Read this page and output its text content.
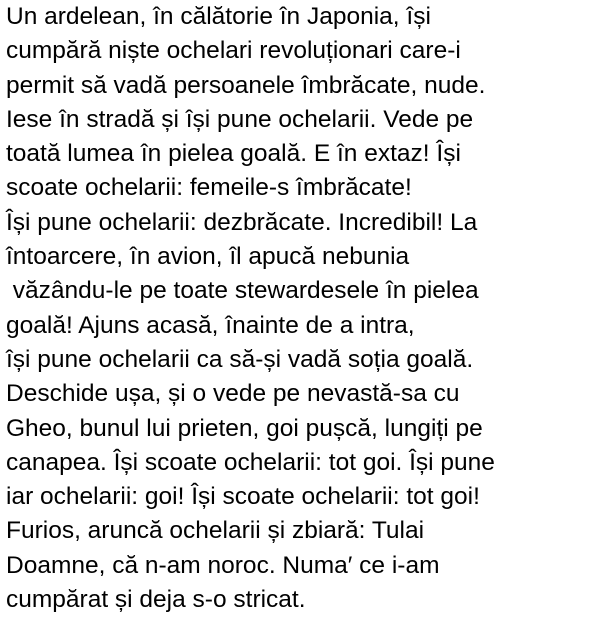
Un ardelean, în călătorie în Japonia, își
cumpără niște ochelari revoluționari care-i
permit să vadă persoanele îmbrăcate, nude.
Iese în stradă și își pune ochelarii. Vede pe
toată lumea în pielea goală. E în extaz! Își
scoate ochelarii: femeile-s îmbrăcate!
Își pune ochelarii: dezbrăcate. Incredibil! La
întoarcere, în avion, îl apucă nebunia
văzându-le pe toate stewardesele în pielea
goală! Ajuns acasă, înainte de a intra,
își pune ochelarii ca să-și vadă soția goală.
Deschide ușa, și o vede pe nevastă-sa cu
Gheo, bunul lui prieten, goi pușcă, lungiți pe
canapea. Își scoate ochelarii: tot goi. Își pune
iar ochelarii: goi! Își scoate ochelarii: tot goi!
Furios, aruncă ochelarii și zbiară: Tulai
Doamne, că n-am noroc. Numa′ ce i-am
cumpărat și deja s-o stricat.
